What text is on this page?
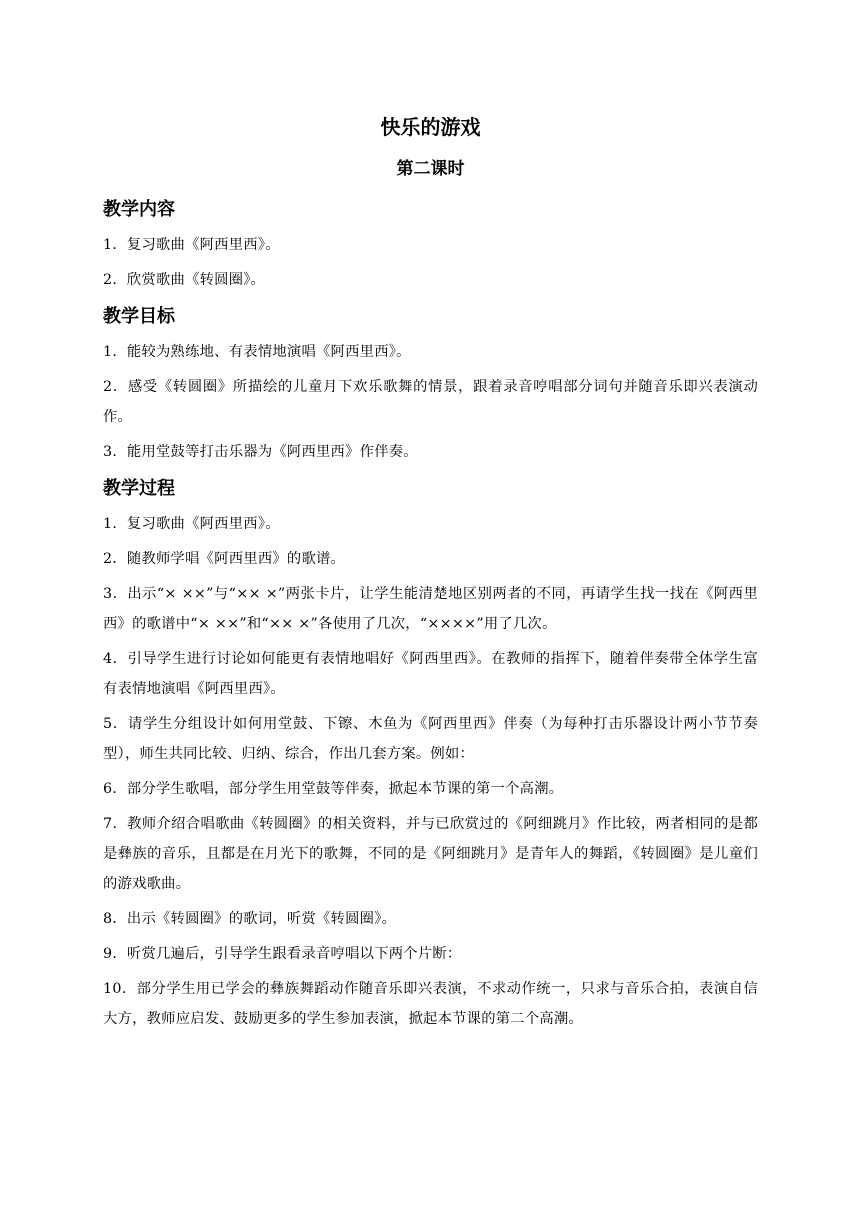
快乐的游戏
第二课时
教学内容

1．复习歌曲《阿西里西》。

2．欣赏歌曲《转圆圈》。

教学目标

1．能较为熟练地、有表情地演唱《阿西里西》。

2．感受《转圆圈》所描绘的儿童月下欢乐歌舞的情景，跟着录音哼唱部分词句并随音乐即兴表演动作。

3．能用堂鼓等打击乐器为《阿西里西》作伴奏。

教学过程

1．复习歌曲《阿西里西》。

2．随教师学唱《阿西里西》的歌谱。

3．出示“× ××”与“×× ×”两张卡片，让学生能清楚地区别两者的不同，再请学生找一找在《阿西里西》的歌谱中“× ××”和“×× ×”各使用了几次，“××××”用了几次。

4．引导学生进行讨论如何能更有表情地唱好《阿西里西》。在教师的指挥下，随着伴奏带全体学生富有表情地演唱《阿西里西》。

5．请学生分组设计如何用堂鼓、下镲、木鱼为《阿西里西》伴奏（为每种打击乐器设计两小节节奏型），师生共同比较、归纳、综合，作出几套方案。例如：

6．部分学生歌唱，部分学生用堂鼓等伴奏，掀起本节课的第一个高潮。

7．教师介绍合唱歌曲《转圆圈》的相关资料，并与已欣赏过的《阿细跳月》作比较，两者相同的是都是彝族的音乐，且都是在月光下的歌舞，不同的是《阿细跳月》是青年人的舞蹈，《转圆圈》是儿童们的游戏歌曲。

8．出示《转圆圈》的歌词，听赏《转圆圈》。

9．听赏几遍后，引导学生跟看录音哼唱以下两个片断：

10．部分学生用已学会的彝族舞蹈动作随音乐即兴表演，不求动作统一，只求与音乐合拍，表演自信大方，教师应启发、鼓励更多的学生参加表演，掀起本节课的第二个高潮。
